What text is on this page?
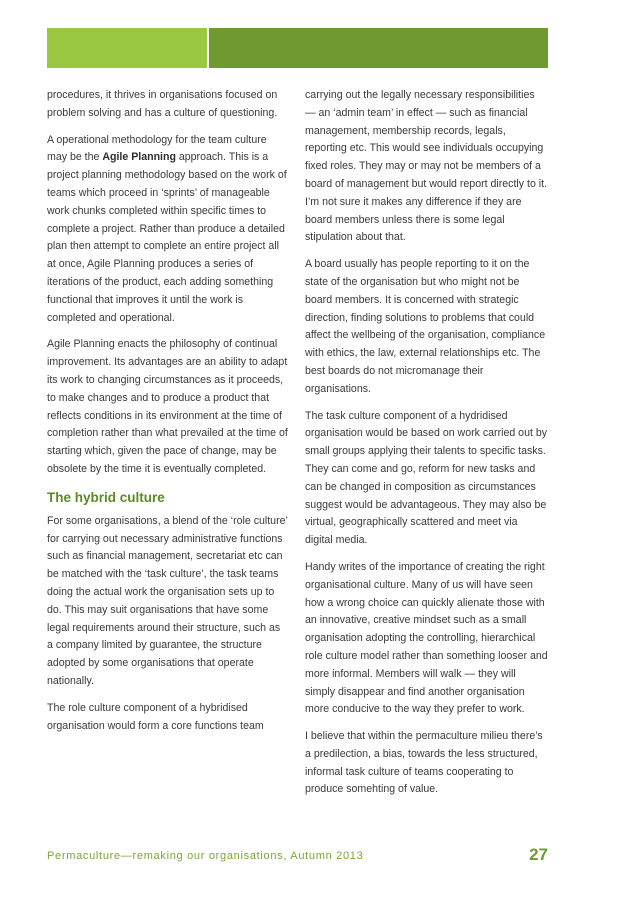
procedures, it thrives in organisations focused on problem solving and has a culture of questioning.

A operational methodology for the team culture may be the Agile Planning approach. This is a project planning methodology based on the work of teams which proceed in ‘sprints’ of manageable work chunks completed within specific times to complete a project. Rather than produce a detailed plan then attempt to complete an entire project all at once, Agile Planning produces a series of iterations of the product, each adding something functional that improves it until the work is completed and operational.

Agile Planning enacts the philosophy of continual improvement. Its advantages are an ability to adapt its work to changing circumstances as it proceeds, to make changes and to produce a product that reflects conditions in its environment at the time of completion rather than what prevailed at the time of starting which, given the pace of change, may be obsolete by the time it is eventually completed.

The hybrid culture

For some organisations, a blend of the ‘role culture’ for carrying out necessary administrative functions such as financial management, secretariat etc can be matched with the ‘task culture’, the task teams doing the actual work the organisation sets up to do. This may suit organisations that have some legal requirements around their structure, such as a company limited by guarantee, the structure adopted by some organisations that operate nationally.

The role culture component of a hybridised organisation would form a core functions team

carrying out the legally necessary responsibilities — an ‘admin team’ in effect — such as financial management, membership records, legals, reporting etc. This would see individuals occupying fixed roles. They may or may not be members of a board of management but would report directly to it. I’m not sure it makes any difference if they are board members unless there is some legal stipulation about that.

A board usually has people reporting to it on the state of the organisation but who might not be board members. It is concerned with strategic direction, finding solutions to problems that could affect the wellbeing of the organisation, compliance with ethics, the law, external relationships etc. The best boards do not micromanage their organisations.

The task culture component of a hydridised organisation would be based on work carried out by small groups applying their talents to specific tasks. They can come and go, reform for new tasks and can be changed in composition as circumstances suggest would be advantageous. They may also be virtual, geographically scattered and meet via digital media.

Handy writes of the importance of creating the right organisational culture. Many of us will have seen how a wrong choice can quickly alienate those with an innovative, creative mindset such as a small organisation adopting the controlling, hierarchical role culture model rather than something looser and more informal. Members will walk — they will simply disappear and find another organisation more conducive to the way they prefer to work.

I believe that within the permaculture milieu there’s a predilection, a bias, towards the less structured, informal task culture of teams cooperating to produce somehting of value.

Permaculture—remaking our organisations, Autumn 2013	27
